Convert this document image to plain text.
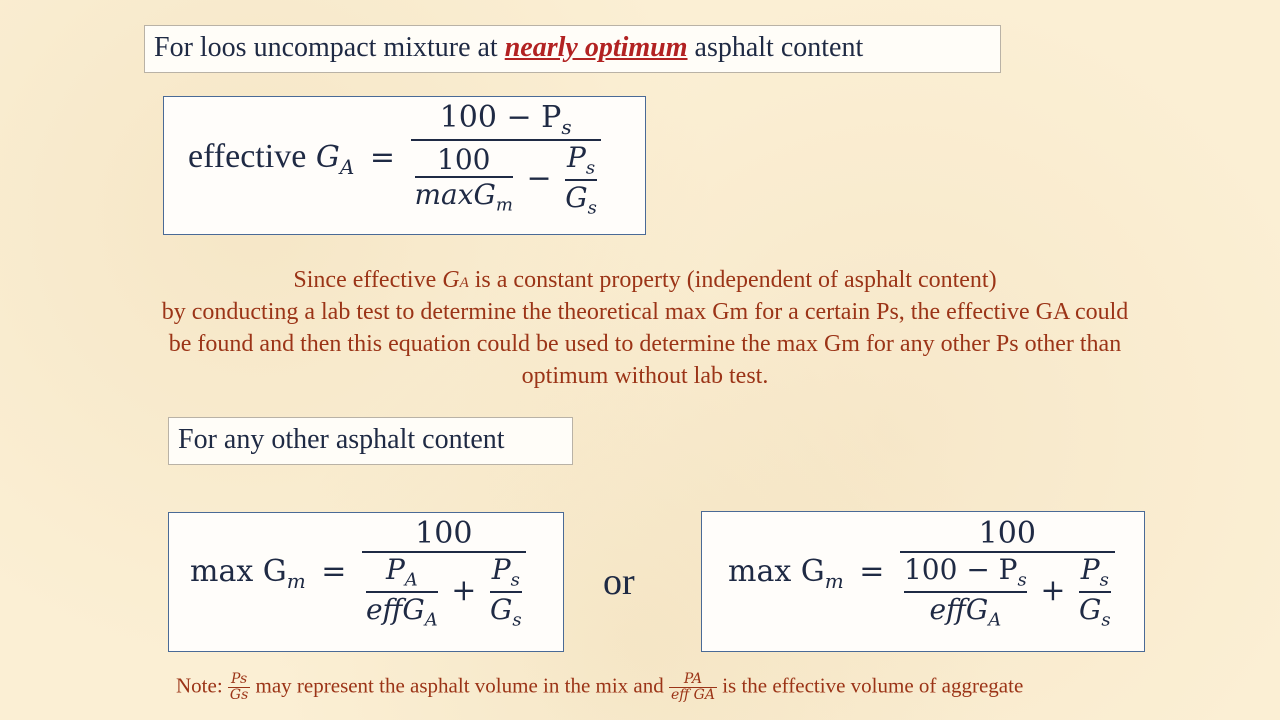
For loos uncompact mixture at nearly optimum asphalt content
effective $G_A$ =
$100 - P_s$
$\frac{100}{\max G_m} - \frac{P_s}{G_s}$
Since effective GA is a constant property (independent of asphalt content)
by conducting a lab test to determine the theoretical max Gm for a certain Ps, the effective GA could be found and then this equation could be used to determine the max Gm for any other Ps other than optimum without lab test.
For any other asphalt content
$\max G_m = \frac{100}{\frac{P_A}{effG_A} + \frac{P_s}{G_s}}$ or	$\max G_m$ =
100
$\frac{100 - P_s}{effG_A} + \frac{P_s}{G_s}$
Note: $\frac{Ps}{Gs}$ may represent the asphalt volume in the mix and	PA
eff GA is the effective volume of aggregate
